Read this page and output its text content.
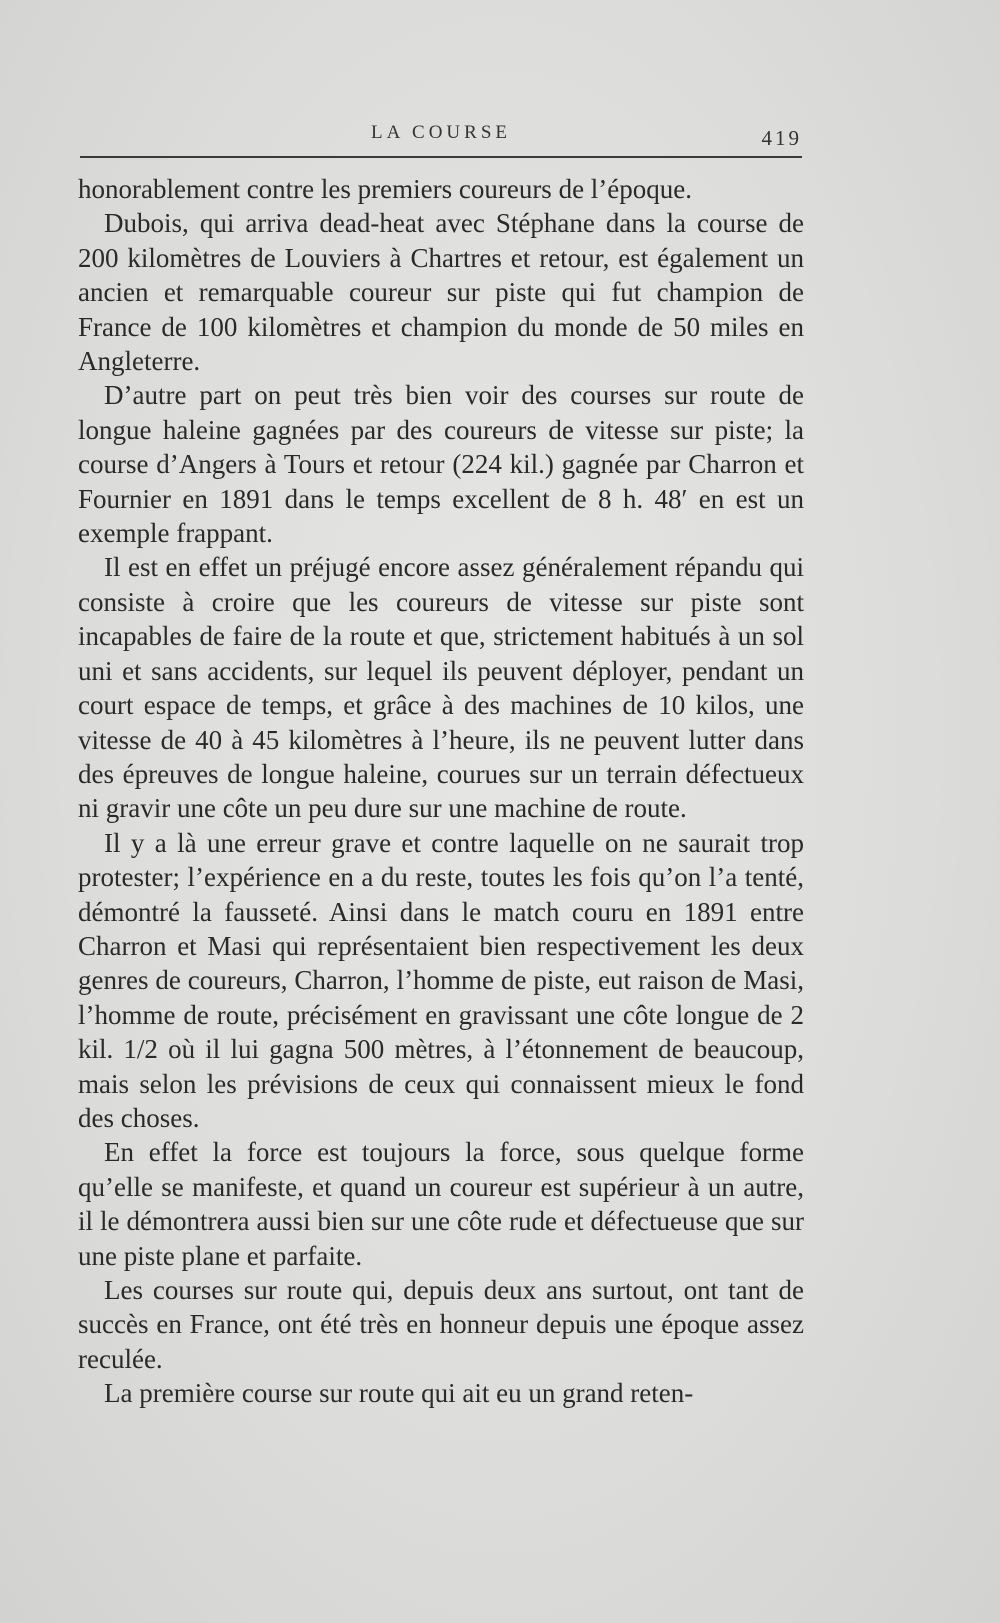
LA COURSE	419

honorablement contre les premiers coureurs de l’époque.

Dubois, qui arriva dead-heat avec Stéphane dans la course de 200 kilomètres de Louviers à Chartres et retour, est également un ancien et remarquable coureur sur piste qui fut champion de France de 100 kilomètres et champion du monde de 50 miles en Angleterre.

D’autre part on peut très bien voir des courses sur route de longue haleine gagnées par des coureurs de vitesse sur piste; la course d’Angers à Tours et retour (224 kil.) gagnée par Charron et Fournier en 1891 dans le temps excellent de 8 h. 48′ en est un exemple frappant.

Il est en effet un préjugé encore assez généralement répandu qui consiste à croire que les coureurs de vitesse sur piste sont incapables de faire de la route et que, strictement habitués à un sol uni et sans accidents, sur lequel ils peuvent déployer, pendant un court espace de temps, et grâce à des machines de 10 kilos, une vitesse de 40 à 45 kilomètres à l’heure, ils ne peuvent lutter dans des épreuves de longue haleine, courues sur un terrain défectueux ni gravir une côte un peu dure sur une machine de route.

Il y a là une erreur grave et contre laquelle on ne saurait trop protester; l’expérience en a du reste, toutes les fois qu’on l’a tenté, démontré la fausseté. Ainsi dans le match couru en 1891 entre Charron et Masi qui représentaient bien respectivement les deux genres de coureurs, Charron, l’homme de piste, eut raison de Masi, l’homme de route, précisément en gravissant une côte longue de 2 kil. 1/2 où il lui gagna 500 mètres, à l’étonnement de beaucoup, mais selon les prévisions de ceux qui connaissent mieux le fond des choses.

En effet la force est toujours la force, sous quelque forme qu’elle se manifeste, et quand un coureur est supérieur à un autre, il le démontrera aussi bien sur une côte rude et défectueuse que sur une piste plane et parfaite.

Les courses sur route qui, depuis deux ans surtout, ont tant de succès en France, ont été très en honneur depuis une époque assez reculée.

La première course sur route qui ait eu un grand reten-
